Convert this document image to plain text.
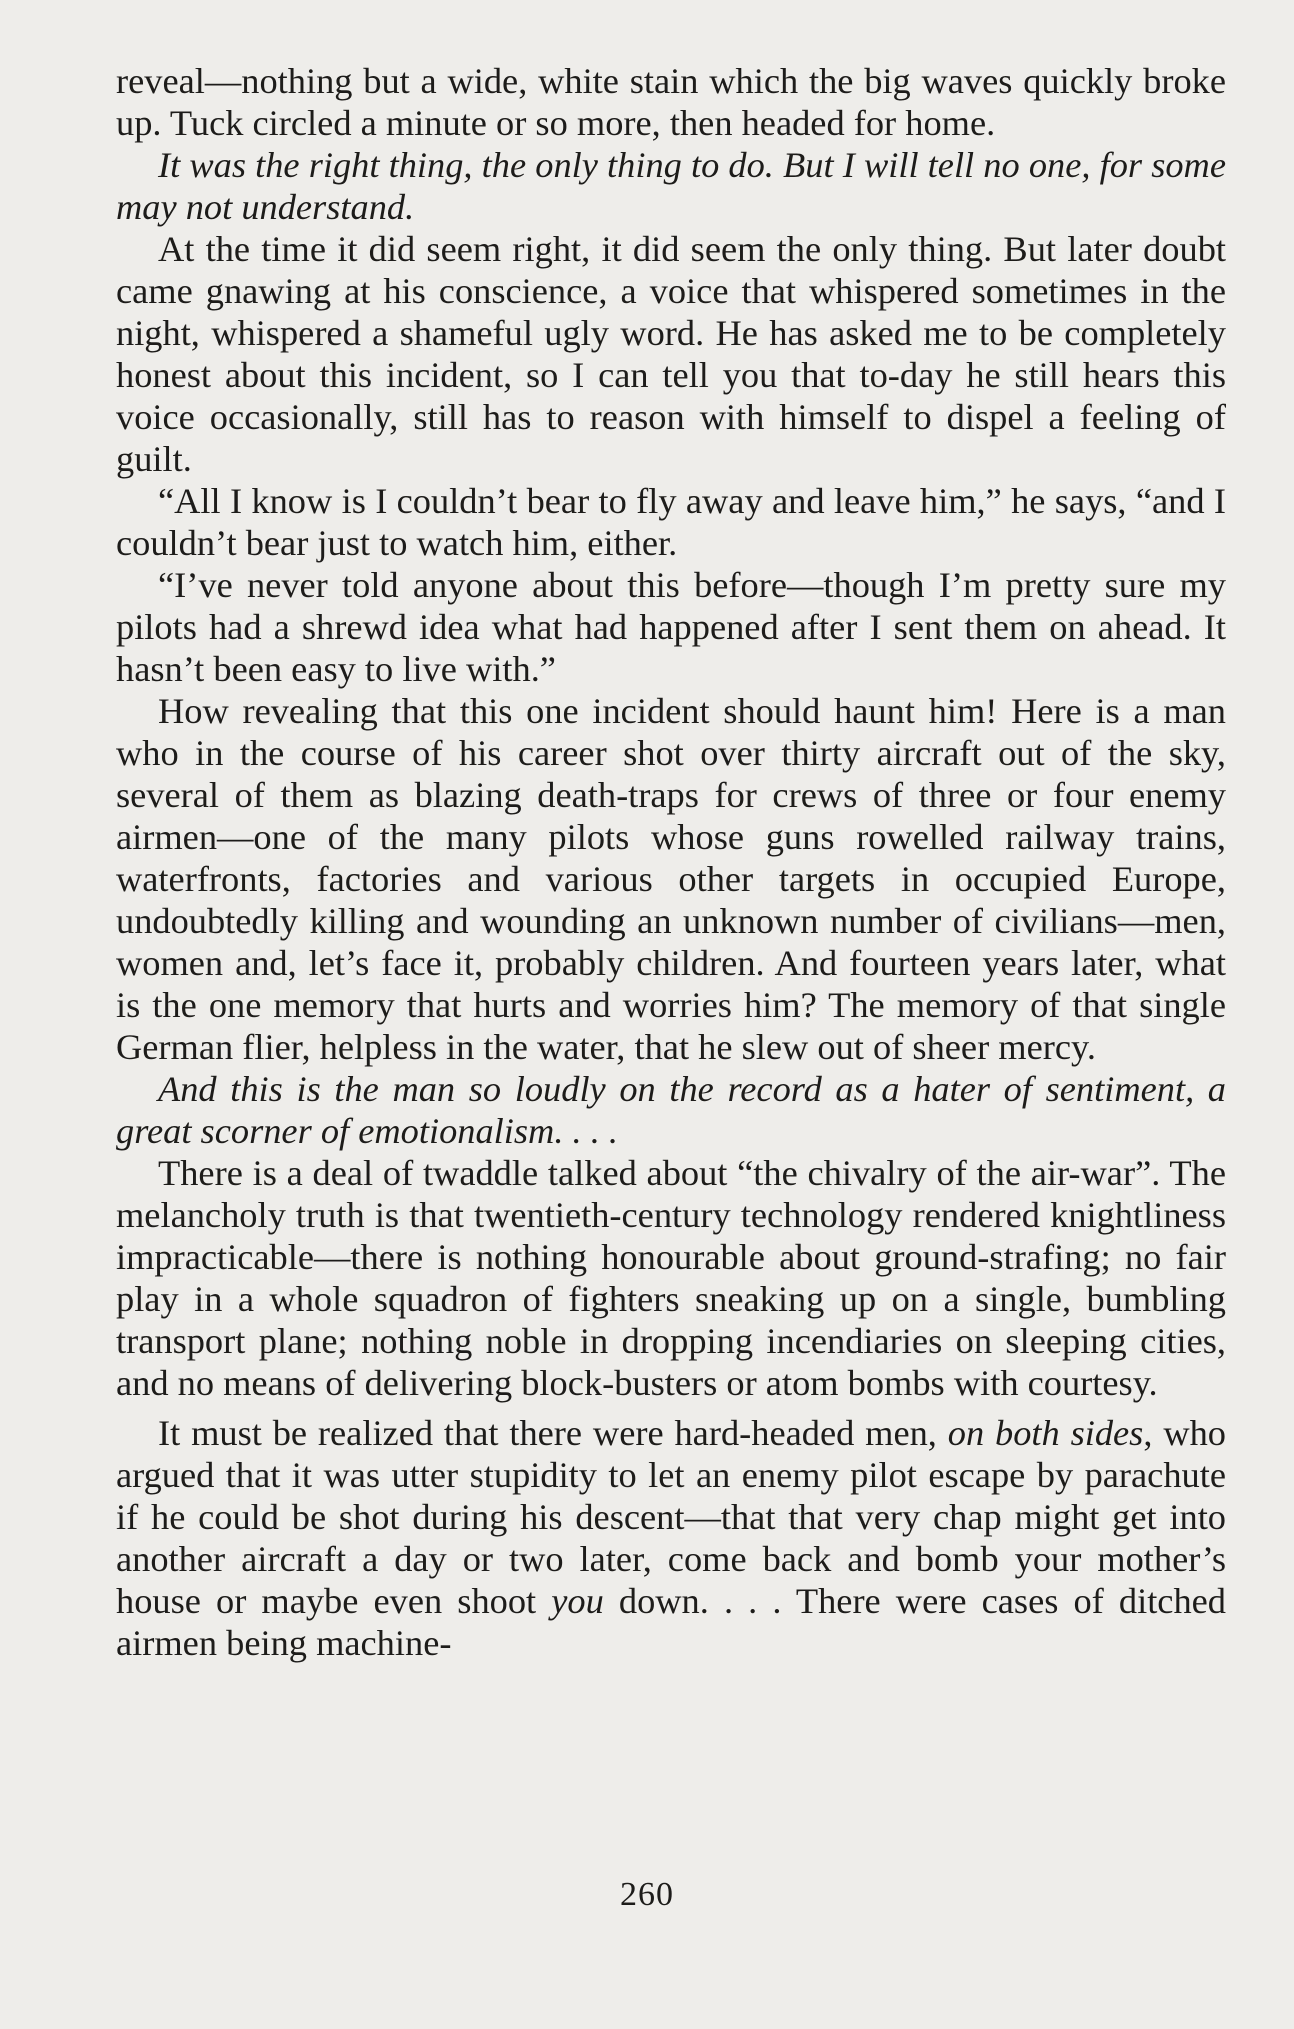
reveal—nothing but a wide, white stain which the big waves quickly broke up. Tuck circled a minute or so more, then headed for home.

It was the right thing, the only thing to do. But I will tell no one, for some may not understand.

At the time it did seem right, it did seem the only thing. But later doubt came gnawing at his conscience, a voice that whispered sometimes in the night, whispered a shameful ugly word. He has asked me to be completely honest about this incident, so I can tell you that to-day he still hears this voice occasionally, still has to reason with himself to dispel a feeling of guilt.

“All I know is I couldn’t bear to fly away and leave him,” he says, “and I couldn’t bear just to watch him, either.

“I’ve never told anyone about this before—though I’m pretty sure my pilots had a shrewd idea what had happened after I sent them on ahead. It hasn’t been easy to live with.”

How revealing that this one incident should haunt him! Here is a man who in the course of his career shot over thirty aircraft out of the sky, several of them as blazing death-traps for crews of three or four enemy airmen—one of the many pilots whose guns rowelled railway trains, waterfronts, factories and various other targets in occupied Europe, undoubtedly killing and wounding an unknown number of civilians—men, women and, let’s face it, probably children. And fourteen years later, what is the one memory that hurts and worries him? The memory of that single German flier, helpless in the water, that he slew out of sheer mercy.

And this is the man so loudly on the record as a hater of sentiment, a great scorner of emotionalism. . . .

There is a deal of twaddle talked about “the chivalry of the air-war”. The melancholy truth is that twentieth-century technology rendered knightliness impracticable—there is nothing honourable about ground-strafing; no fair play in a whole squadron of fighters sneaking up on a single, bumbling transport plane; nothing noble in dropping incendiaries on sleeping cities, and no means of delivering block-busters or atom bombs with courtesy.

It must be realized that there were hard-headed men, on both sides, who argued that it was utter stupidity to let an enemy pilot escape by parachute if he could be shot during his descent—that that very chap might get into another aircraft a day or two later, come back and bomb your mother’s house or maybe even shoot you down. . . . There were cases of ditched airmen being machine-

260
